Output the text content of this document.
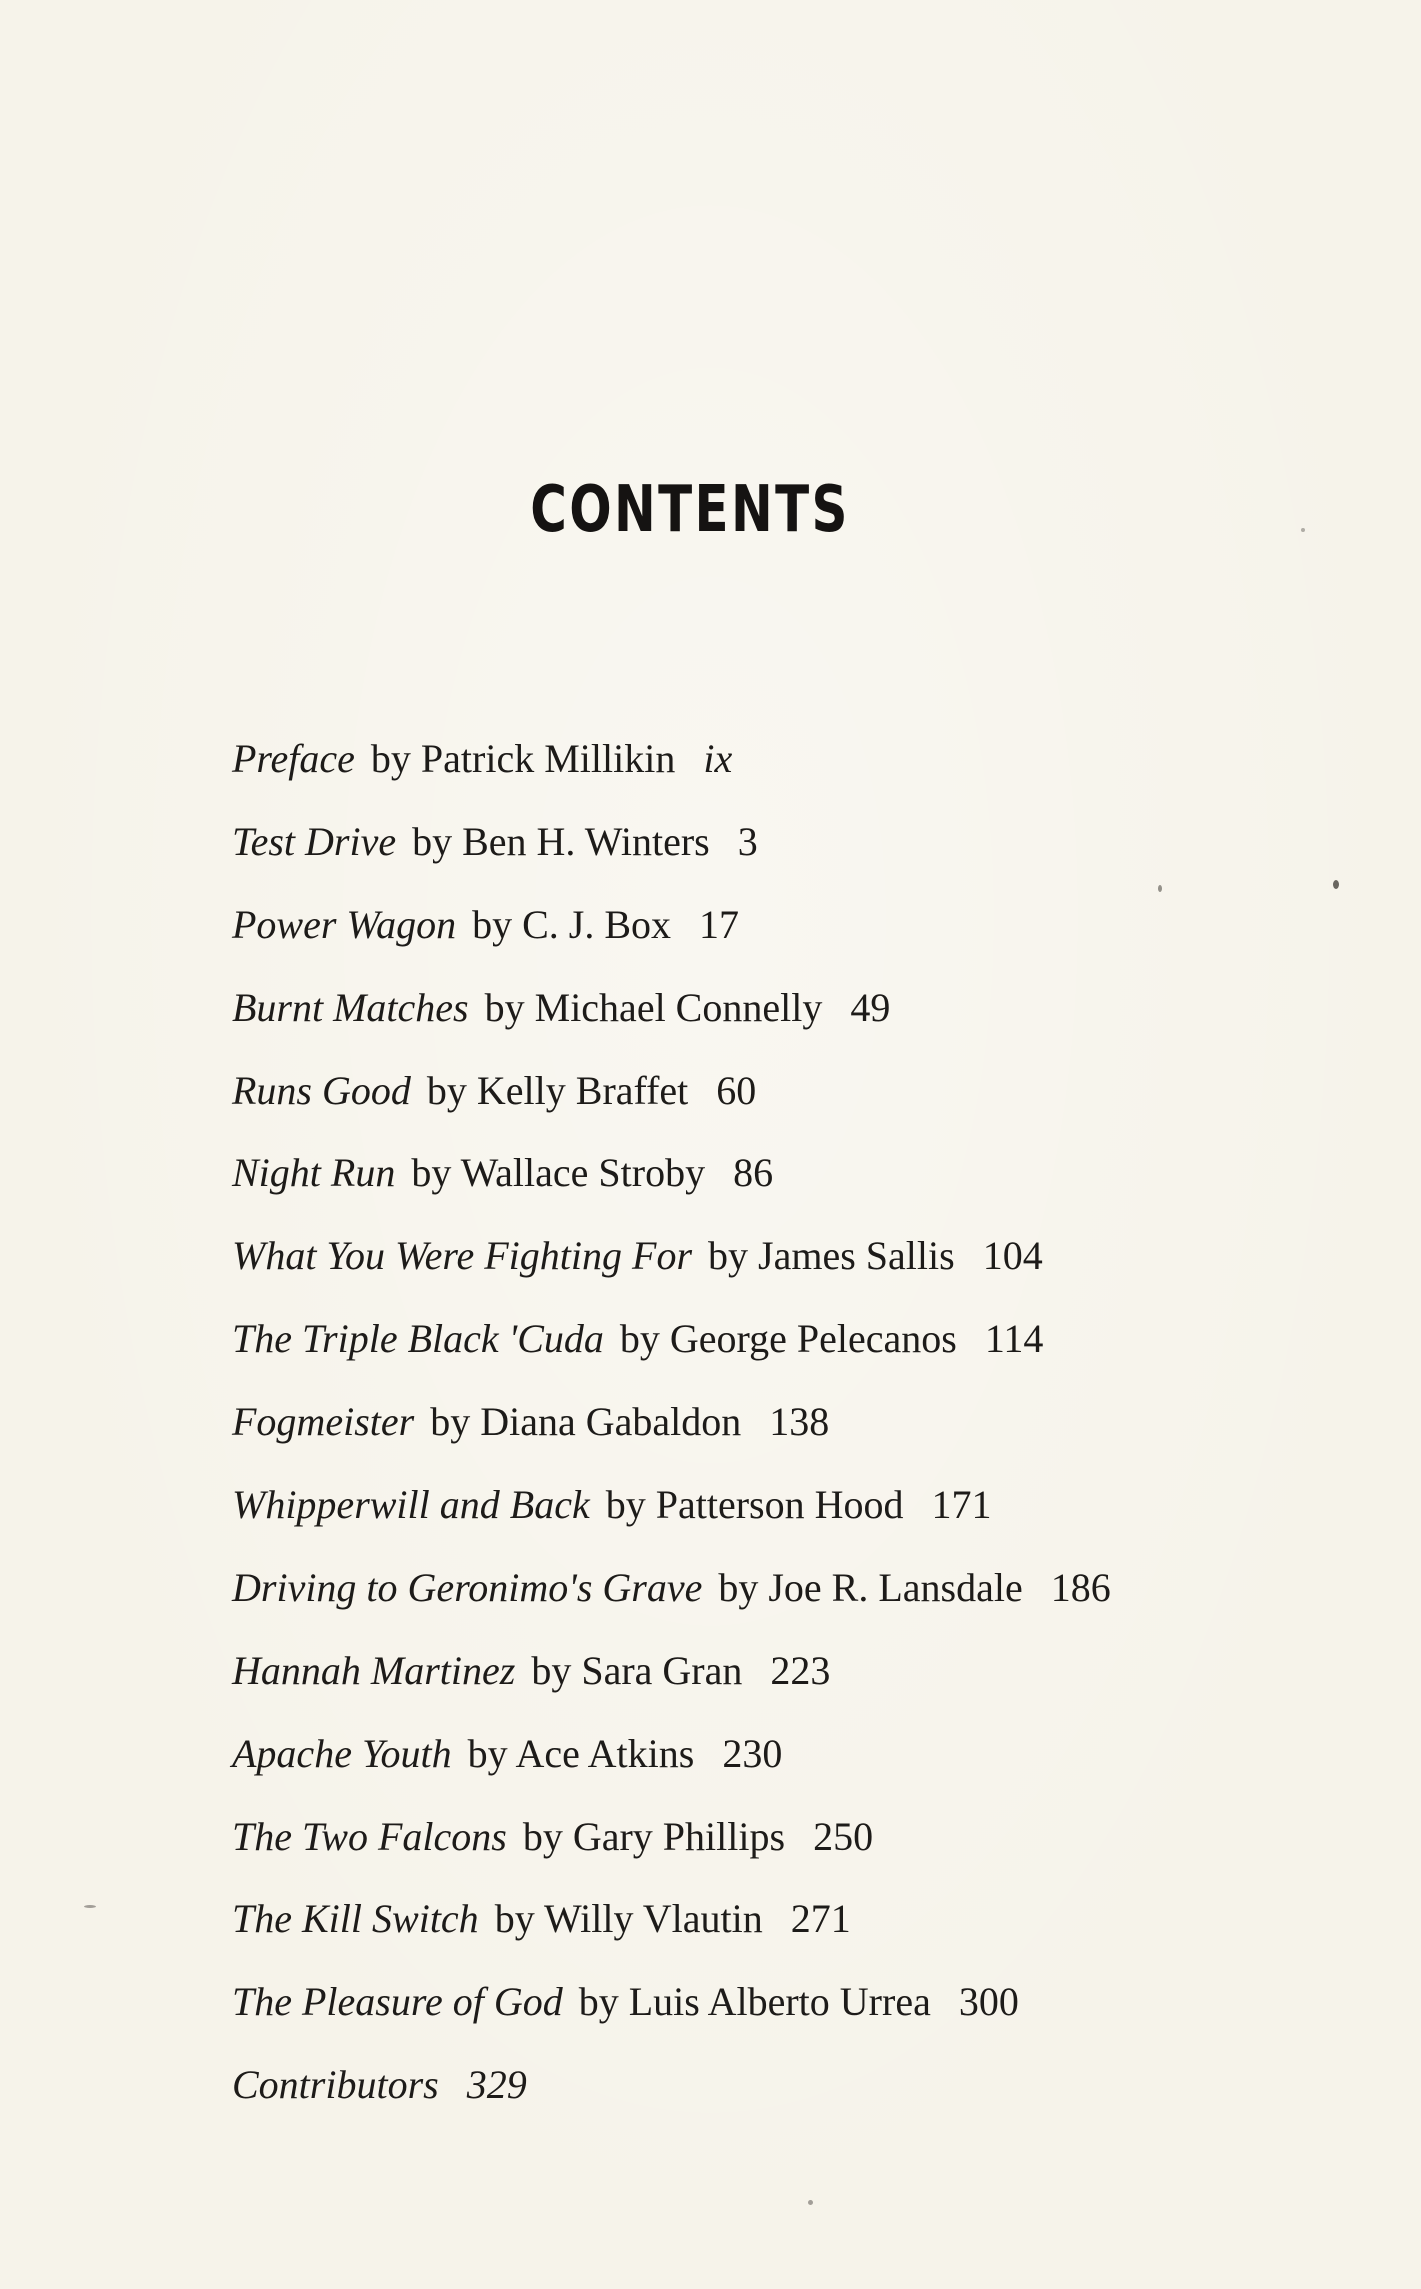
CONTENTS
Preface by Patrick Millikin ix
Test Drive by Ben H. Winters 3
Power Wagon by C. J. Box 17
Burnt Matches by Michael Connelly 49
Runs Good by Kelly Braffet 60
Night Run by Wallace Stroby 86
What You Were Fighting For by James Sallis 104
The Triple Black 'Cuda by George Pelecanos 114
Fogmeister by Diana Gabaldon 138
Whipperwill and Back by Patterson Hood 171
Driving to Geronimo's Grave by Joe R. Lansdale 186
Hannah Martinez by Sara Gran 223
Apache Youth by Ace Atkins 230
The Two Falcons by Gary Phillips 250
The Kill Switch by Willy Vlautin 271
The Pleasure of God by Luis Alberto Urrea 300
Contributors 329
